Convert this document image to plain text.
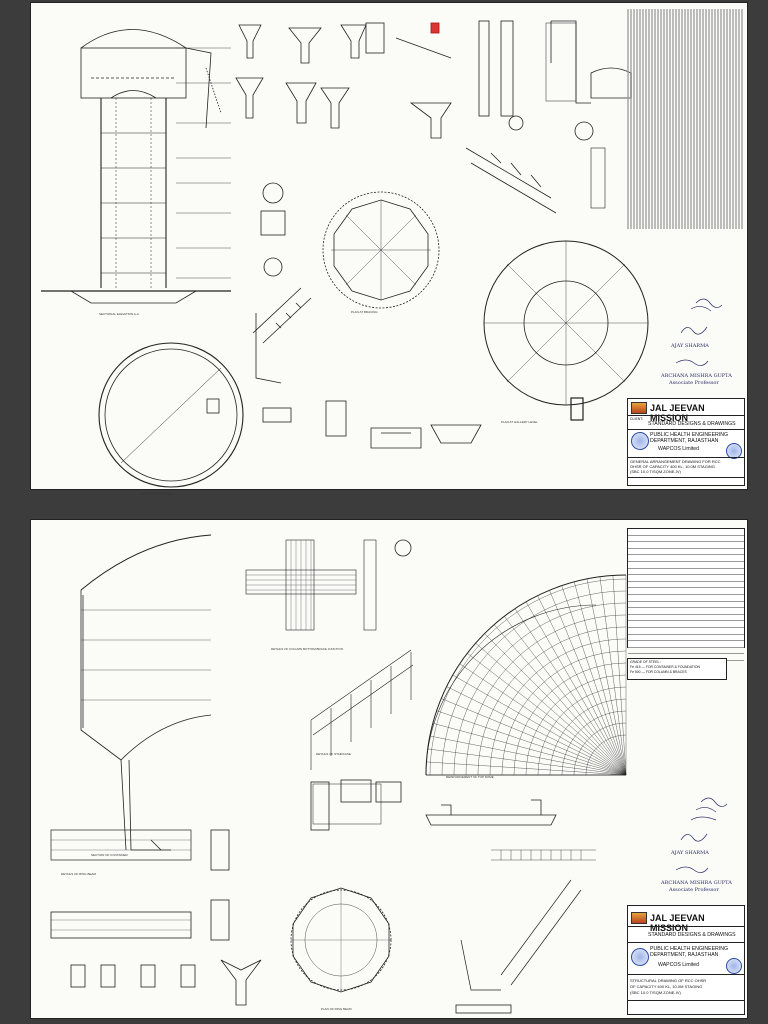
SECTIONAL ELEVATION A-A
PLAN AT FOUNDATION
PLAN AT GALLERY LEVEL
PLAN AT BRACING
AJAY SHARMA
ARCHANA MISHRA GUPTA
Associate Professor
JAL JEEVAN MISSION
CLIENT:
STANDARD DESIGNS & DRAWINGS
PUBLIC HEALTH ENGINEERING
DEPARTMENT, RAJASTHAN
WAPCOS Limited
GENERAL ARRANGEMENT DRAWING FOR RCC
OHSR OF CAPACITY 400 KL, 10.0M STAGING
(SBC 10.0 T/SQM ZONE-IV)
SECTION OF CONTAINER
DETAILS OF COLUMN BOTTOM BRACE JUNCTION
DETAILS OF STAIRCASE
REINFORCEMENT OF TOP DOME
DETAILS OF RING BEAM
PLAN OF RING BEAM
GRADE OF STEEL :
Fe 415 — FOR CONTAINER & FOUNDATION
Fe 500 — FOR COLUMN & BRACES
AJAY SHARMA
ARCHANA MISHRA GUPTA
Associate Professor
JAL JEEVAN MISSION
STANDARD DESIGNS & DRAWINGS
PUBLIC HEALTH ENGINEERING
DEPARTMENT, RAJASTHAN
WAPCOS Limited
STRUCTURAL DRAWING OF RCC OHSR
OF CAPACITY 400 KL, 10.0M STAGING
(SBC 10.0 T/SQM ZONE-IV)
